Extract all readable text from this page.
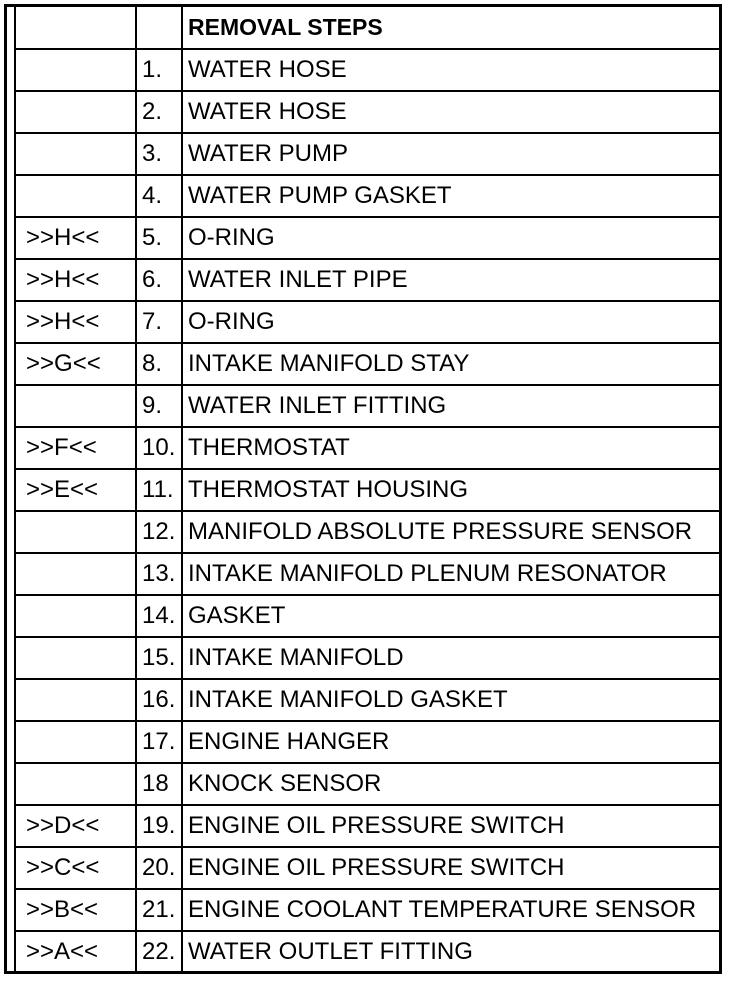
		REMOVAL STEPS
	1.	WATER HOSE
	2.	WATER HOSE
	3.	WATER PUMP
	4.	WATER PUMP GASKET
>>H<<	5.	O-RING
>>H<<	6.	WATER INLET PIPE
>>H<<	7.	O-RING
>>G<<	8.	INTAKE MANIFOLD STAY
	9.	WATER INLET FITTING
>>F<<	10.	THERMOSTAT
>>E<<	11.	THERMOSTAT HOUSING
	12.	MANIFOLD ABSOLUTE PRESSURE SENSOR
	13.	INTAKE MANIFOLD PLENUM RESONATOR
	14.	GASKET
	15.	INTAKE MANIFOLD
	16.	INTAKE MANIFOLD GASKET
	17.	ENGINE HANGER
	18	KNOCK SENSOR
>>D<<	19.	ENGINE OIL PRESSURE SWITCH
>>C<<	20.	ENGINE OIL PRESSURE SWITCH
>>B<<	21.	ENGINE COOLANT TEMPERATURE SENSOR
>>A<<	22.	WATER OUTLET FITTING
